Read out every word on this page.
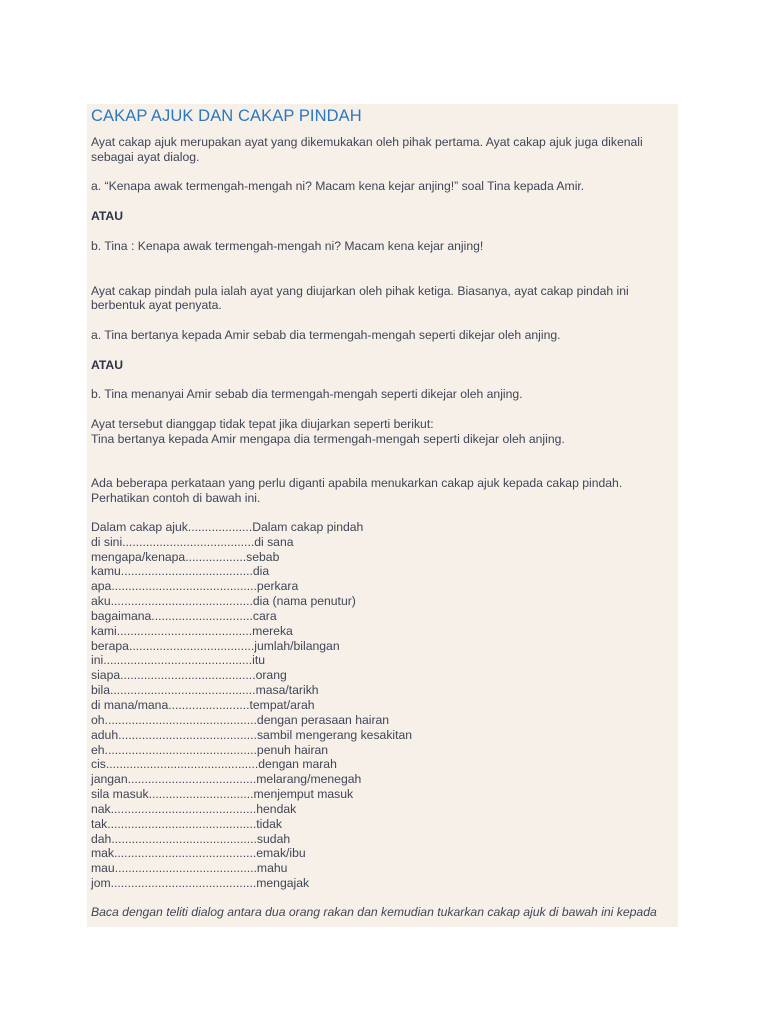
CAKAP AJUK DAN CAKAP PINDAH

Ayat cakap ajuk merupakan ayat yang dikemukakan oleh pihak pertama. Ayat cakap ajuk juga dikenali sebagai ayat dialog.

a. “Kenapa awak termengah-mengah ni? Macam kena kejar anjing!” soal Tina kepada Amir.

ATAU

b. Tina : Kenapa awak termengah-mengah ni? Macam kena kejar anjing!

Ayat cakap pindah pula ialah ayat yang diujarkan oleh pihak ketiga. Biasanya, ayat cakap pindah ini berbentuk ayat penyata.

a. Tina bertanya kepada Amir sebab dia termengah-mengah seperti dikejar oleh anjing.

ATAU

b. Tina menanyai Amir sebab dia termengah-mengah seperti dikejar oleh anjing.

Ayat tersebut dianggap tidak tepat jika diujarkan seperti berikut:

Tina bertanya kepada Amir mengapa dia termengah-mengah seperti dikejar oleh anjing.

Ada beberapa perkataan yang perlu diganti apabila menukarkan cakap ajuk kepada cakap pindah. Perhatikan contoh di bawah ini.

Dalam cakap ajuk...................Dalam cakap pindah
di sini.......................................di sana
mengapa/kenapa..................sebab
kamu.......................................dia
apa...........................................perkara
aku..........................................dia (nama penutur)
bagaimana..............................cara
kami........................................mereka
berapa.....................................jumlah/bilangan
ini............................................itu
siapa........................................orang
bila...........................................masa/tarikh
di mana/mana........................tempat/arah
oh.............................................dengan perasaan hairan
aduh.........................................sambil mengerang kesakitan
eh.............................................penuh hairan
cis.............................................dengan marah
jangan......................................melarang/menegah
sila masuk...............................menjemput masuk
nak...........................................hendak
tak............................................tidak
dah...........................................sudah
mak..........................................emak/ibu
mau..........................................mahu
jom...........................................mengajak

Baca dengan teliti dialog antara dua orang rakan dan kemudian tukarkan cakap ajuk di bawah ini kepada
